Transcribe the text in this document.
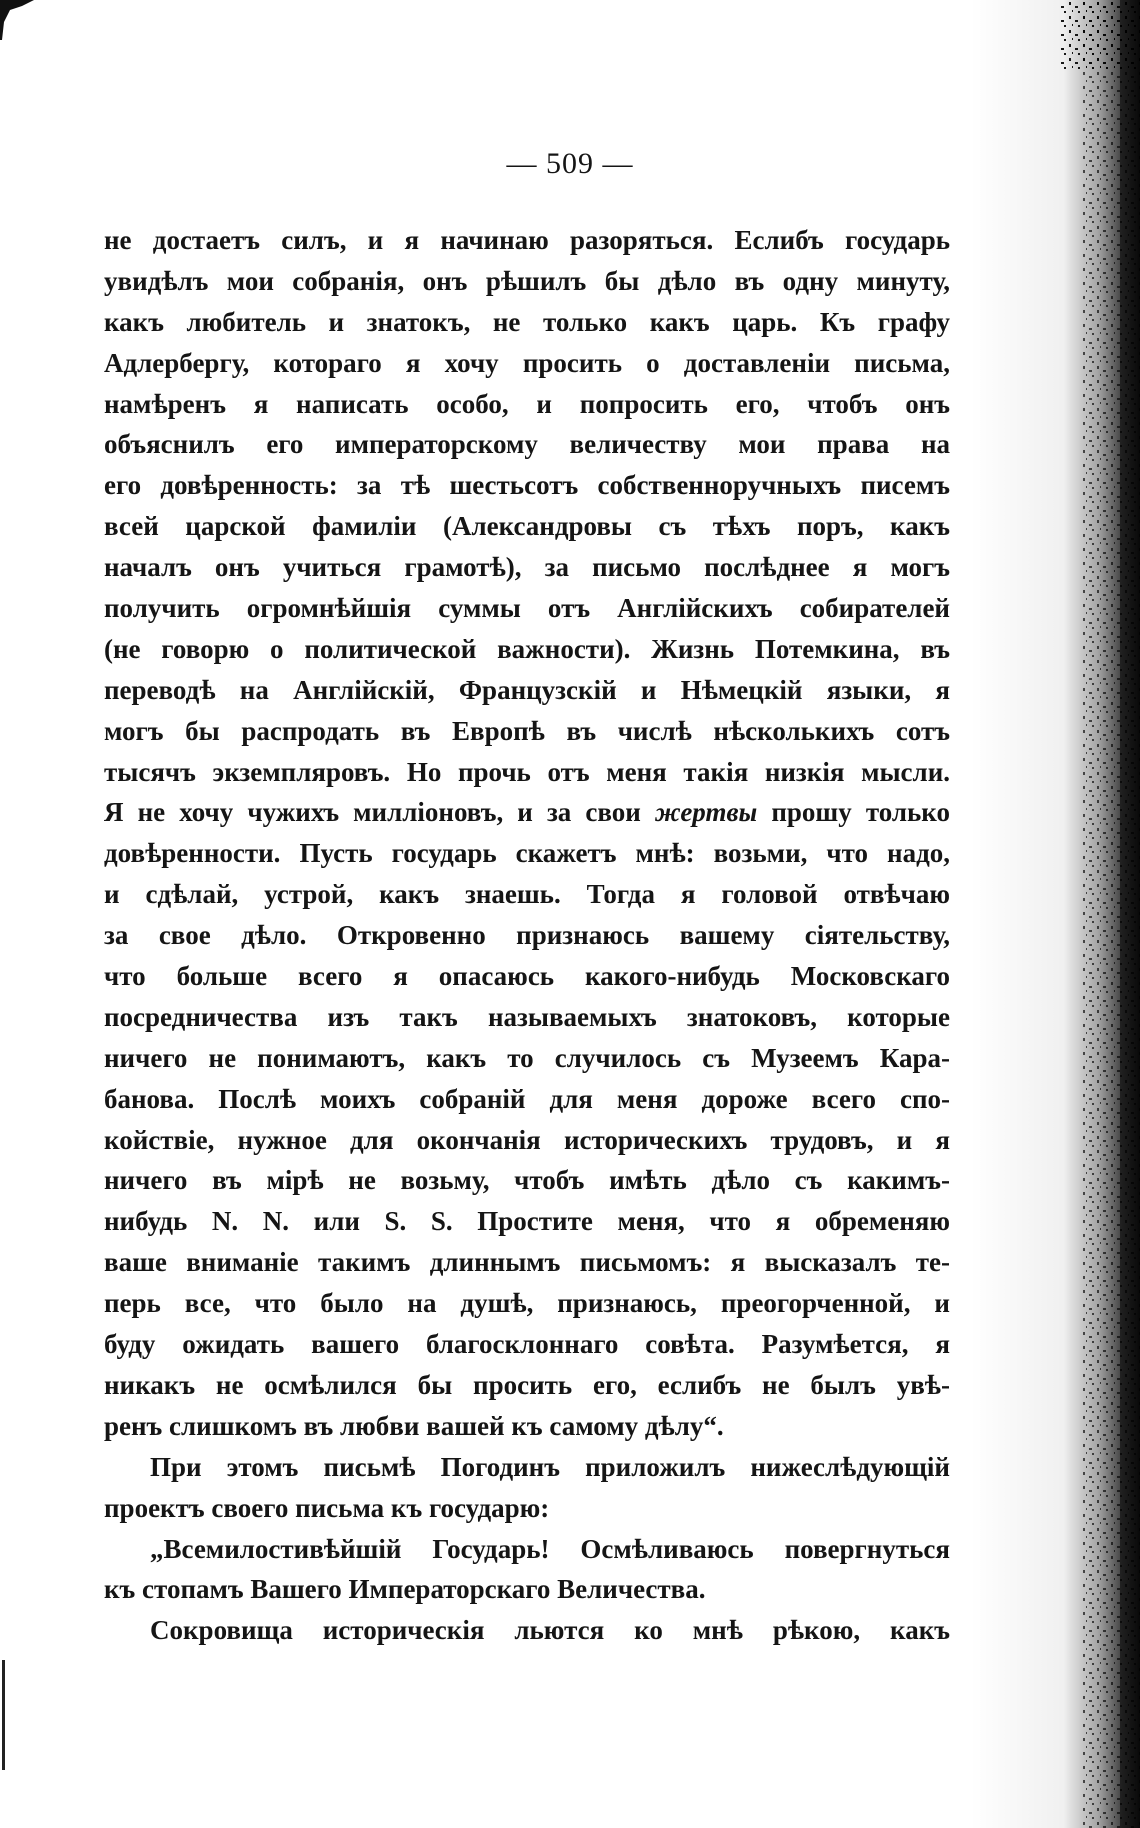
— 509 —
не достаетъ силъ, и я начинаю разоряться. Еслибъ государь
увидѣлъ мои собранія, онъ рѣшилъ бы дѣло въ одну минуту,
какъ любитель и знатокъ, не только какъ царь. Къ графу
Адлербергу, котораго я хочу просить о доставленіи письма,
намѣренъ я написать особо, и попросить его, чтобъ онъ
объяснилъ его императорскому величеству мои права на
его довѣренность: за тѣ шестьсотъ собственноручныхъ писемъ
всей царской фамиліи (Александровы съ тѣхъ поръ, какъ
началъ онъ учиться грамотѣ), за письмо послѣднее я могъ
получить огромнѣйшія суммы отъ Англійскихъ собирателей
(не говорю о политической важности). Жизнь Потемкина, въ
переводѣ на Англійскій, Французскій и Нѣмецкій языки, я
могъ бы распродать въ Европѣ въ числѣ нѣсколькихъ сотъ
тысячъ экземпляровъ. Но прочь отъ меня такія низкія мысли.
Я не хочу чужихъ милліоновъ, и за свои жертвы прошу только
довѣренности. Пусть государь скажетъ мнѣ: возьми, что надо,
и сдѣлай, устрой, какъ знаешь. Тогда я головой отвѣчаю
за свое дѣло. Откровенно признаюсь вашему сіятельству,
что больше всего я опасаюсь какого-нибудь Московскаго
посредничества изъ такъ называемыхъ знатоковъ, которые
ничего не понимаютъ, какъ то случилось съ Музеемъ Кара-
банова. Послѣ моихъ собраній для меня дороже всего спо-
койствіе, нужное для окончанія историческихъ трудовъ, и я
ничего въ мірѣ не возьму, чтобъ имѣть дѣло съ какимъ-
нибудь N. N. или S. S. Простите меня, что я обременяю
ваше вниманіе такимъ длиннымъ письмомъ: я высказалъ те-
перь все, что было на душѣ, признаюсь, преогорченной, и
буду ожидать вашего благосклоннаго совѣта. Разумѣется, я
никакъ не осмѣлился бы просить его, еслибъ не былъ увѣ-
ренъ слишкомъ въ любви вашей къ самому дѣлу“.
При этомъ письмѣ Погодинъ приложилъ нижеслѣдующій
проектъ своего письма къ государю:
„Всемилостивѣйшій Государь! Осмѣливаюсь повергнуться
къ стопамъ Вашего Императорскаго Величества.
Сокровища историческія льются ко мнѣ рѣкою, какъ
